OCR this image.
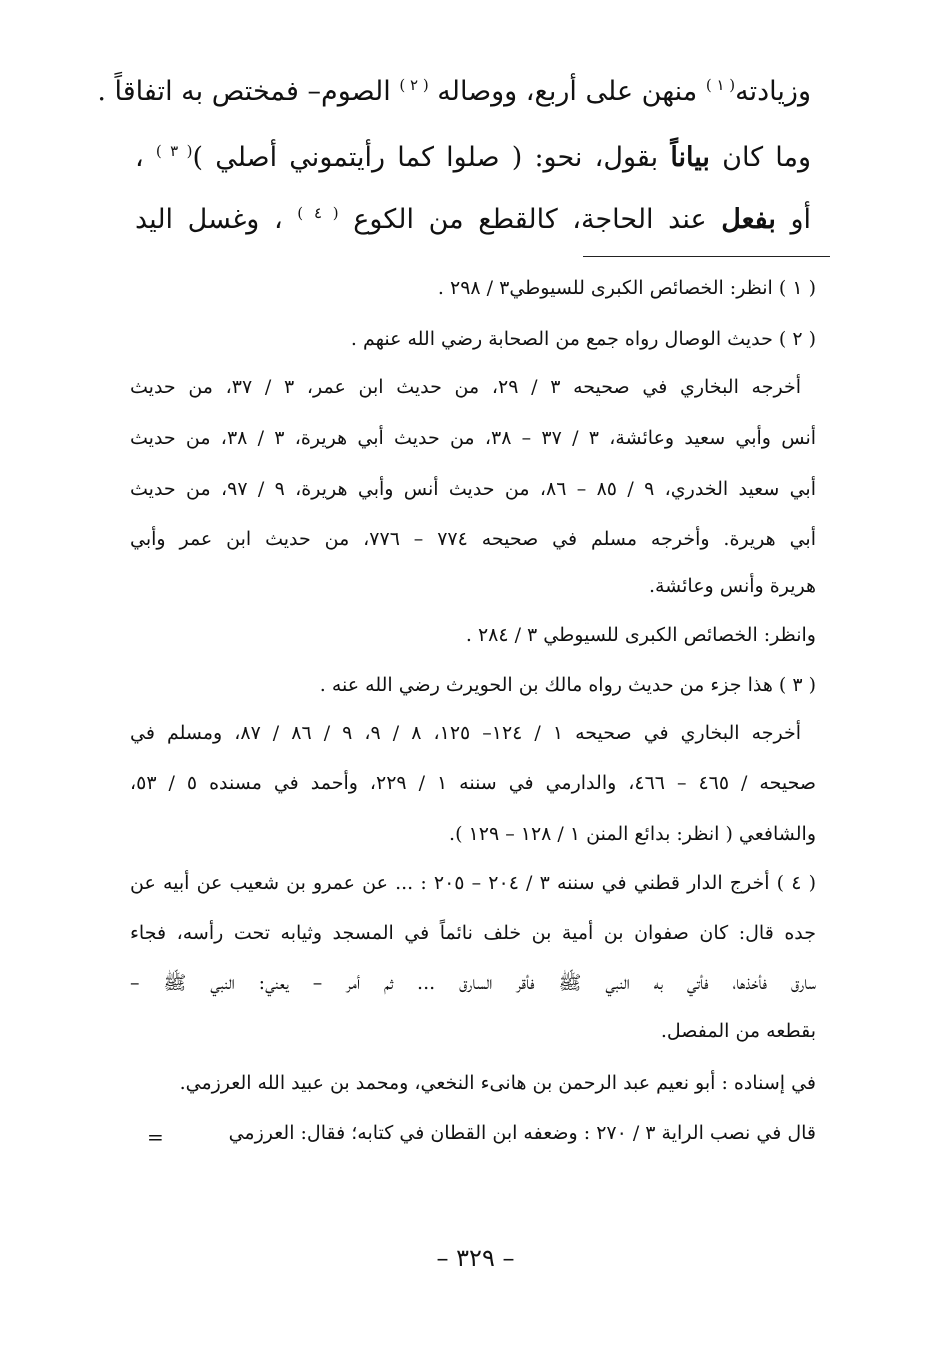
وزيادته$^{( ١ )}$ منهن على أربع، ووصاله $^{( ٢ )}$ الصوم– فمختص به اتفاقاً .
وما كان بياناً بقول، نحو: ( صلوا كما رأيتموني أصلي )$^{( ٣ )}$ ،
أو بفعل عند الحاجة، كالقطع من الكوع $^{( ٤ )}$ ، وغسل اليد
( ١ ) انظر: الخصائص الكبرى للسيوطي٣ / ٢٩٨ .
( ٢ ) حديث الوصال رواه جمع من الصحابة رضي الله عنهم .
أخرجه البخاري في صحيحه ٣ / ٢٩، من حديث ابن عمر، ٣ / ٣٧، من حديث
أنس وأبي سعيد وعائشة، ٣ / ٣٧ – ٣٨، من حديث أبي هريرة، ٣ / ٣٨، من حديث
أبي سعيد الخدري، ٩ / ٨٥ – ٨٦، من حديث أنس وأبي هريرة، ٩ / ٩٧، من حديث
أبي هريرة. وأخرجه مسلم في صحيحه ٧٧٤ – ٧٧٦، من حديث ابن عمر وأبي
هريرة وأنس وعائشة.
وانظر: الخصائص الكبرى للسيوطي ٣ / ٢٨٤ .
( ٣ ) هذا جزء من حديث رواه مالك بن الحويرث رضي الله عنه .
أخرجه البخاري في صحيحه ١ / ١٢٤– ١٢٥، ٨ / ٩، ٩ / ٨٦ / ٨٧، ومسلم في
صحيحه / ٤٦٥ – ٤٦٦، والدارمي في سننه ١ / ٢٢٩، وأحمد في مسنده ٥ / ٥٣،
والشافعي ( انظر: بدائع المنن ١ / ١٢٨ – ١٢٩ ).
( ٤ ) أخرج الدار قطني في سننه ٣ / ٢٠٤ – ٢٠٥ : ... عن عمرو بن شعيب عن أبيه عن
جده قال: كان صفوان بن أمية بن خلف نائماً في المسجد وثيابه تحت رأسه، فجاء
سارق فأخذها، فأتي به النبي ﷺ فأقر السارق ... ثم أمر – يعني: النبي ﷺ –
بقطعه من المفصل.
في إسناده : أبو نعيم عبد الرحمن بن هانىء النخعي، ومحمد بن عبيد الله العرزمي.
قال في نصب الراية ٣ / ٢٧٠ : وضعفه ابن القطان في كتابه؛ فقال: العرزمي
=
– ٣٢٩ –
